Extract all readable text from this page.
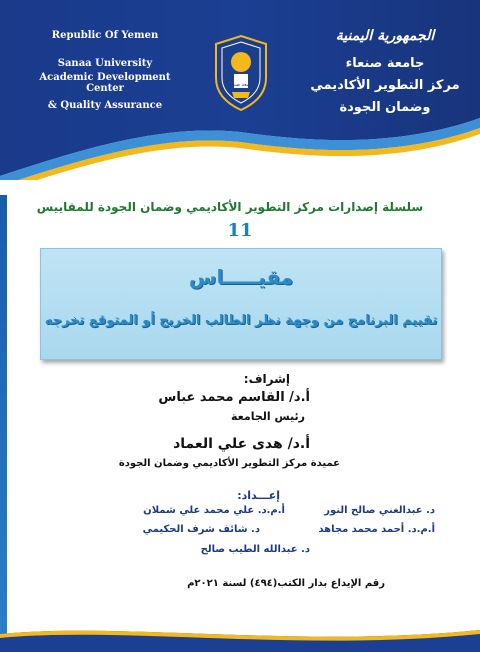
Republic Of Yemen
Sanaa University
Academic Development Center
& Quality Assurance
الجمهورية اليمنية
جامعة صنعاء
مركز التطوير الأكاديمي
وضمان الجودة
جامعة صنعاء
سلسلة إصدارات مركز التطوير الأكاديمي وضمان الجودة للمقاييس
11
مقيـــــاس
تقييم البرنامج من وجهة نظر الطالب الخريج أو المتوقع تخرجه
إشراف:
أ.د/ القاسم محمد عباس
رئيس الجامعة
أ.د/ هدى علي العماد
عميدة مركز التطوير الأكاديمي وضمان الجودة
إعـــداد:
د. عبدالغني صالح النور
أ.م.د. علي محمد علي شملان
أ.م.د. أحمد محمد مجاهد
د. شائف شرف الحكيمي
د. عبدالله الطيب صالح
رقم الإيداع بدار الكتب(٤٩٤) لسنة ٢٠٢١م
